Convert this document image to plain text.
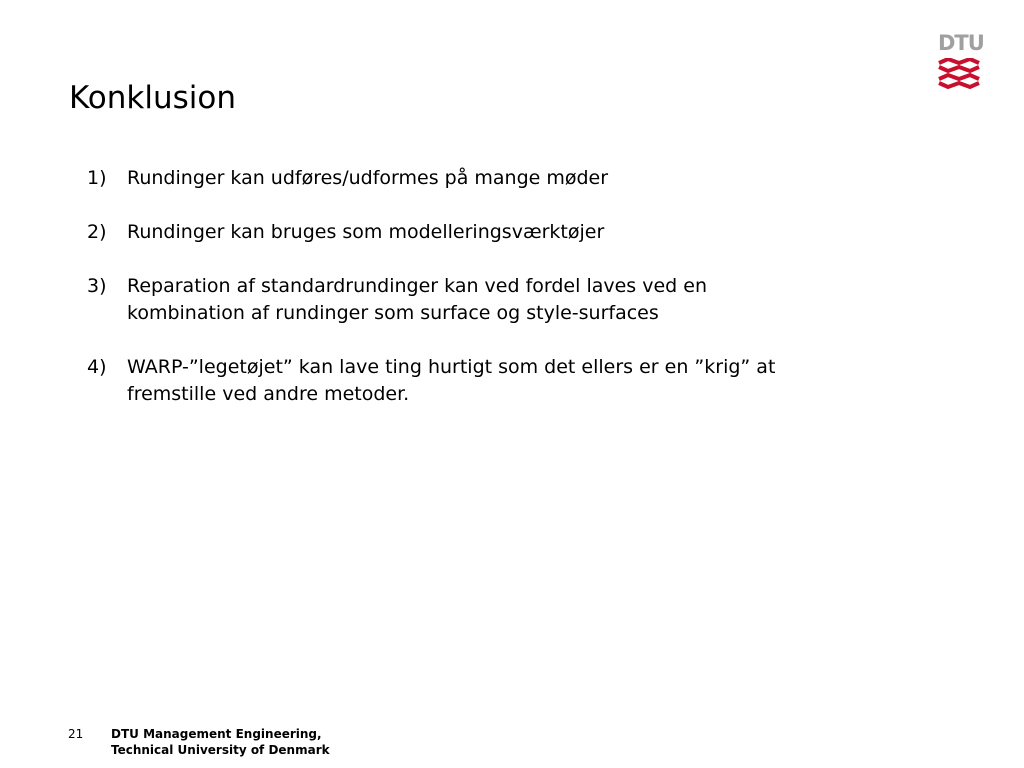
DTU
Konklusion
1) Rundinger kan udføres/udformes på mange møder
2) Rundinger kan bruges som modelleringsværktøjer
3) Reparation af standardrundinger kan ved fordel laves ved en
kombination af rundinger som surface og style-surfaces
4) WARP-”legetøjet” kan lave ting hurtigt som det ellers er en ”krig” at
fremstille ved andre metoder.
21 DTU Management Engineering,
Technical University of Denmark
